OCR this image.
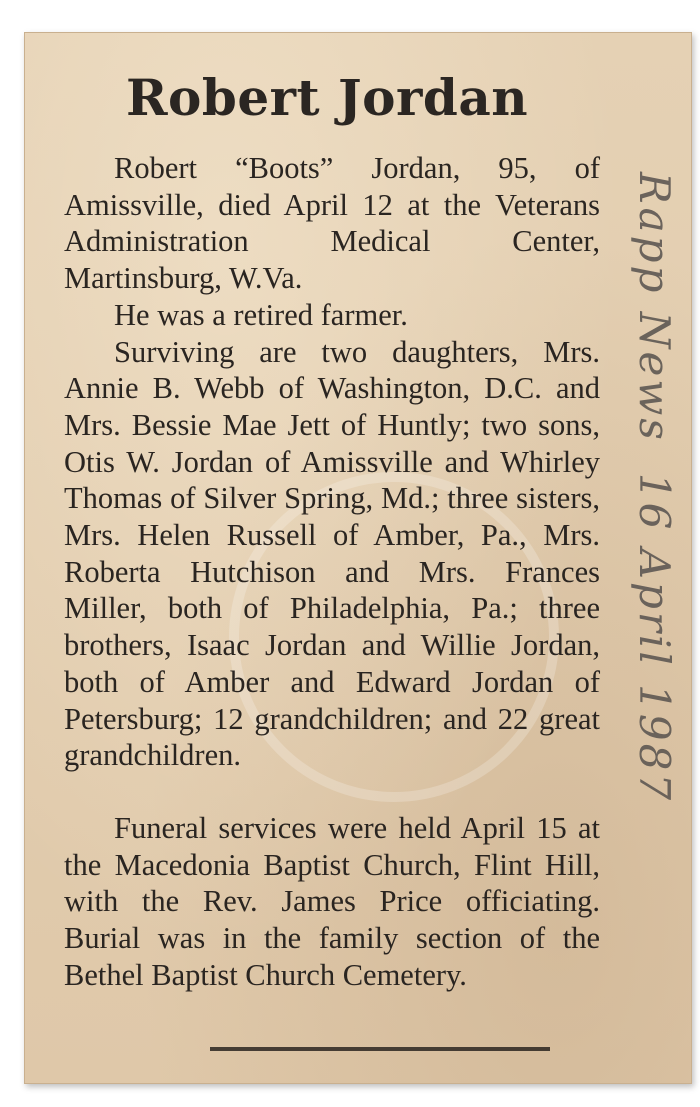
Robert Jordan

Robert “Boots” Jordan, 95, of Amissville, died April 12 at the Veterans Administration Medical Center, Martinsburg, W.Va.

He was a retired farmer.

Surviving are two daughters, Mrs. Annie B. Webb of Washington, D.C. and Mrs. Bessie Mae Jett of Huntly; two sons, Otis W. Jordan of Amissville and Whirley Thomas of Silver Spring, Md.; three sisters, Mrs. Helen Russell of Amber, Pa., Mrs. Roberta Hutchison and Mrs. Frances Miller, both of Philadelphia, Pa.; three brothers, Isaac Jordan and Willie Jordan, both of Amber and Edward Jordan of Petersburg; 12 grandchildren; and 22 great grandchildren.

Funeral services were held April 15 at the Macedonia Baptist Church, Flint Hill, with the Rev. James Price officiating. Burial was in the family section of the Bethel Baptist Church Cemetery.

Rapp News16 April 1987
